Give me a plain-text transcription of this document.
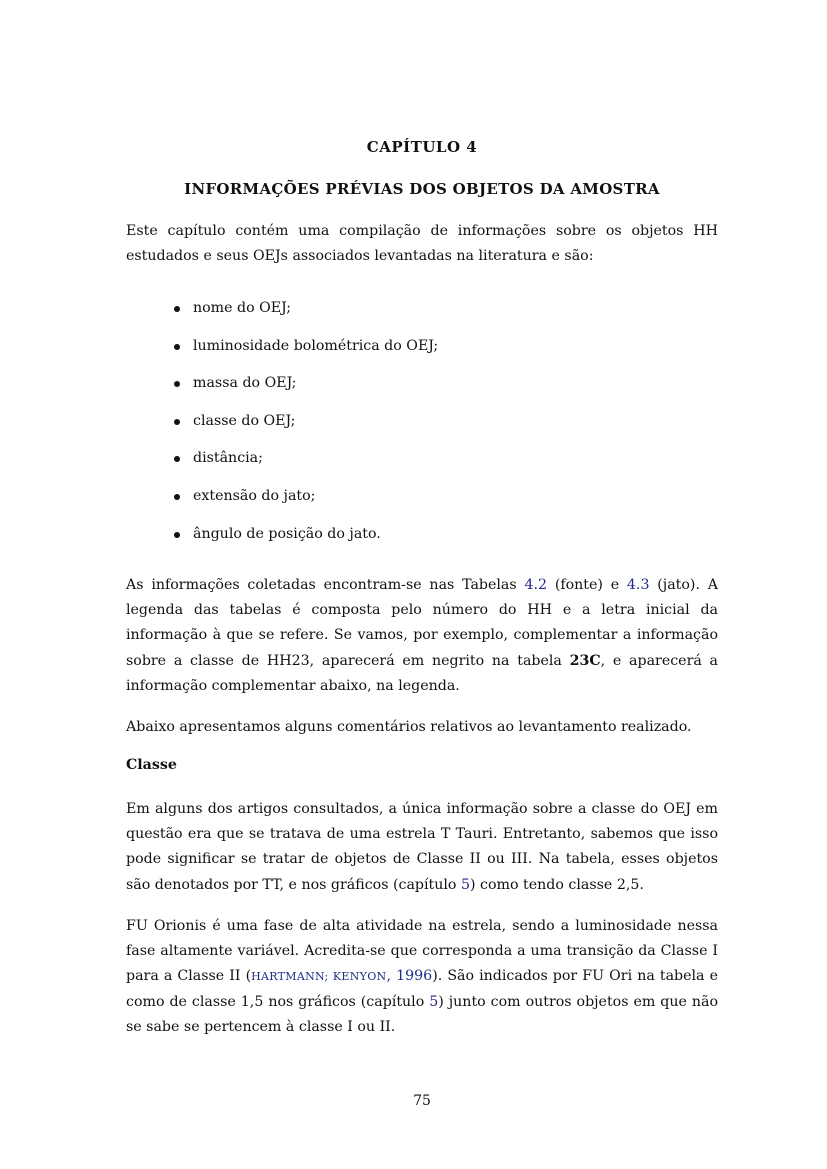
CAPÍTULO 4
INFORMAÇÕES PRÉVIAS DOS OBJETOS DA AMOSTRA
Este capítulo contém uma compilação de informações sobre os objetos HH estudados e seus OEJs associados levantadas na literatura e são:
nome do OEJ;
luminosidade bolométrica do OEJ;
massa do OEJ;
classe do OEJ;
distância;
extensão do jato;
ângulo de posição do jato.
As informações coletadas encontram-se nas Tabelas 4.2 (fonte) e 4.3 (jato). A legenda das tabelas é composta pelo número do HH e a letra inicial da informação à que se refere. Se vamos, por exemplo, complementar a informação sobre a classe de HH23, aparecerá em negrito na tabela 23C, e aparecerá a informação complementar abaixo, na legenda.
Abaixo apresentamos alguns comentários relativos ao levantamento realizado.
Classe
Em alguns dos artigos consultados, a única informação sobre a classe do OEJ em questão era que se tratava de uma estrela T Tauri. Entretanto, sabemos que isso pode significar se tratar de objetos de Classe II ou III. Na tabela, esses objetos são denotados por TT, e nos gráficos (capítulo 5) como tendo classe 2,5.
FU Orionis é uma fase de alta atividade na estrela, sendo a luminosidade nessa fase altamente variável. Acredita-se que corresponda a uma transição da Classe I para a Classe II (HARTMANN; KENYON, 1996). São indicados por FU Ori na tabela e como de classe 1,5 nos gráficos (capítulo 5) junto com outros objetos em que não se sabe se pertencem à classe I ou II.
75
